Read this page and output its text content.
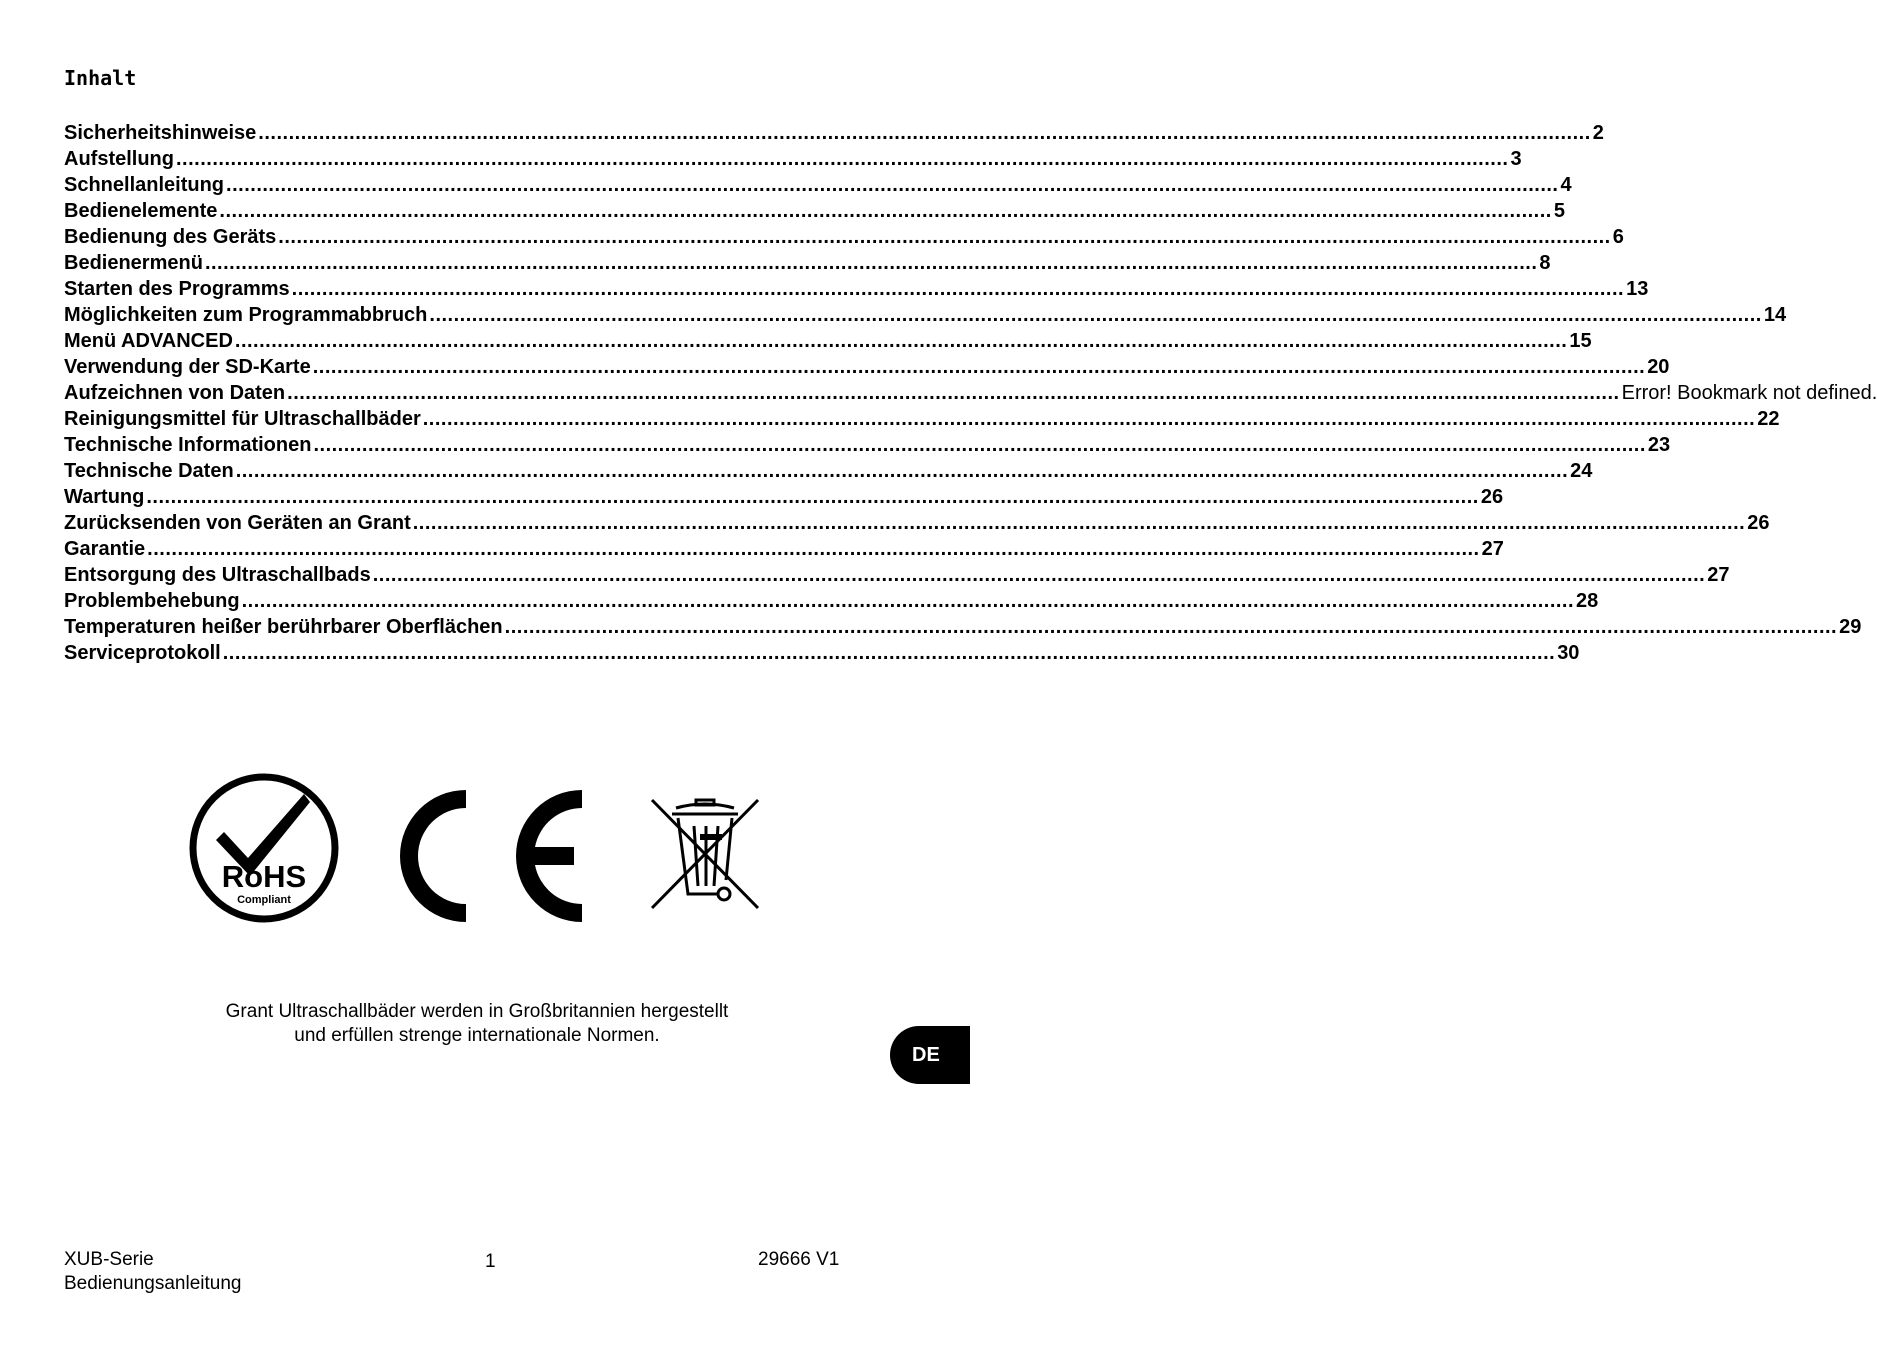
Inhalt
Sicherheitshinweise ............................................................................................................................................................................................................................ 2
Aufstellung ............................................................................................................................................................................................................................ 3
Schnellanleitung ............................................................................................................................................................................................................................ 4
Bedienelemente ............................................................................................................................................................................................................................ 5
Bedienung des Geräts ............................................................................................................................................................................................................................ 6
Bedienermenü ............................................................................................................................................................................................................................ 8
Starten des Programms ............................................................................................................................................................................................................................ 13
Möglichkeiten zum Programmabbruch ............................................................................................................................................................................................................................ 14
Menü ADVANCED ............................................................................................................................................................................................................................ 15
Verwendung der SD-Karte ............................................................................................................................................................................................................................ 20
Aufzeichnen von Daten ............................................................................................................................................................................................................................ Error! Bookmark not defined.
Reinigungsmittel für Ultraschallbäder ............................................................................................................................................................................................................................ 22
Technische Informationen ............................................................................................................................................................................................................................ 23
Technische Daten ............................................................................................................................................................................................................................ 24
Wartung ............................................................................................................................................................................................................................ 26
Zurücksenden von Geräten an Grant ............................................................................................................................................................................................................................ 26
Garantie ............................................................................................................................................................................................................................ 27
Entsorgung des Ultraschallbads ............................................................................................................................................................................................................................ 27
Problembehebung ............................................................................................................................................................................................................................ 28
Temperaturen heißer berührbarer Oberflächen ............................................................................................................................................................................................................................ 29
Serviceprotokoll ............................................................................................................................................................................................................................ 30
RoHS
Compliant
Grant Ultraschallbäder werden in Großbritannien hergestellt
und erfüllen strenge internationale Normen.
DE
XUB-Serie
Bedienungsanleitung
1	29666 V1
